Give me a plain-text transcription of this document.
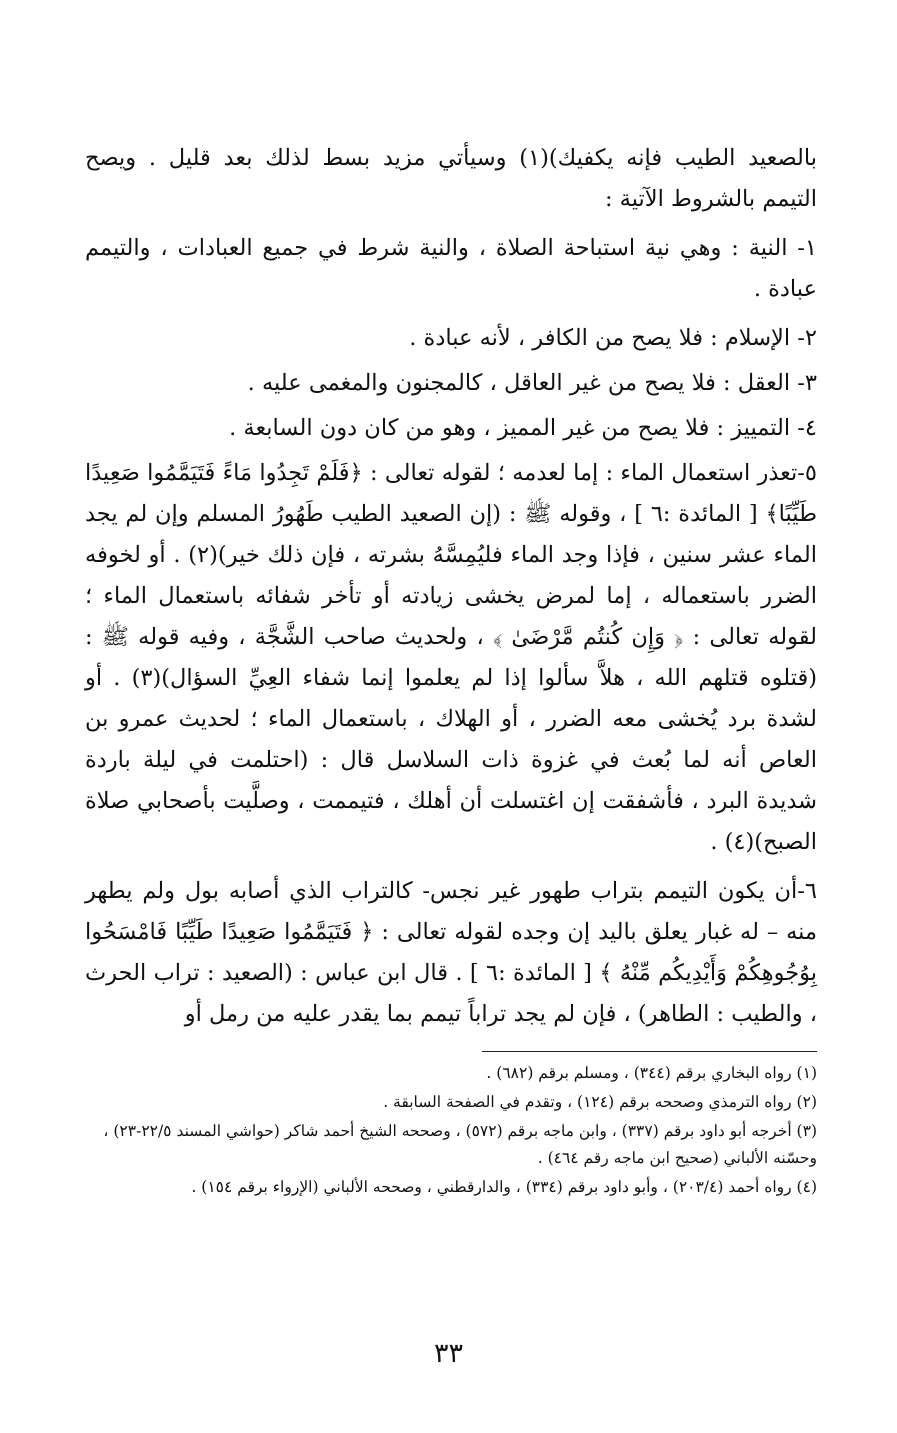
بالصعيد الطيب فإنه يكفيك)(١) وسيأتي مزيد بسط لذلك بعد قليل . ويصح التيمم بالشروط الآتية :

١- النية : وهي نية استباحة الصلاة ، والنية شرط في جميع العبادات ، والتيمم عبادة .

٢- الإسلام : فلا يصح من الكافر ، لأنه عبادة .

٣- العقل : فلا يصح من غير العاقل ، كالمجنون والمغمى عليه .

٤- التمييز : فلا يصح من غير المميز ، وهو من كان دون السابعة .

٥-تعذر استعمال الماء : إما لعدمه ؛ لقوله تعالى : ﴿فَلَمْ تَجِدُوا مَاءً فَتَيَمَّمُوا صَعِيدًا طَيِّبًا﴾ [ المائدة :٦ ] ، وقوله ﷺ : (إن الصعيد الطيب طَهُورُ المسلم وإن لم يجد الماء عشر سنين ، فإذا وجد الماء فليُمِسَّهُ بشرته ، فإن ذلك خير)(٢) . أو لخوفه الضرر باستعماله ، إما لمرض يخشى زيادته أو تأخر شفائه باستعمال الماء ؛ لقوله تعالى : ﴿ وَإِن كُنتُم مَّرْضَىٰ ﴾ ، ولحديث صاحب الشَّجَّة ، وفيه قوله ﷺ : (قتلوه قتلهم الله ، هلاَّ سألوا إذا لم يعلموا إنما شفاء العِيِّ السؤال)(٣) . أو لشدة برد يُخشى معه الضرر ، أو الهلاك ، باستعمال الماء ؛ لحديث عمرو بن العاص أنه لما بُعث في غزوة ذات السلاسل قال : (احتلمت في ليلة باردة شديدة البرد ، فأشفقت إن اغتسلت أن أهلك ، فتيممت ، وصلَّيت بأصحابي صلاة الصبح)(٤) .

٦-أن يكون التيمم بتراب طهور غير نجس- كالتراب الذي أصابه بول ولم يطهر منه – له غبار يعلق باليد إن وجده لقوله تعالى : ﴿ فَتَيَمَّمُوا صَعِيدًا طَيِّبًا فَامْسَحُوا بِوُجُوهِكُمْ وَأَيْدِيكُم مِّنْهُ ﴾ [ المائدة :٦ ] . قال ابن عباس : (الصعيد : تراب الحرث ، والطيب : الطاهر) ، فإن لم يجد تراباً تيمم بما يقدر عليه من رمل أو

(١) رواه البخاري برقم (٣٤٤) ، ومسلم برقم (٦٨٢) .

(٢) رواه الترمذي وصححه برقم (١٢٤) ، وتقدم في الصفحة السابقة .

(٣) أخرجه أبو داود برقم (٣٣٧) ، وابن ماجه برقم (٥٧٢) ، وصححه الشيخ أحمد شاكر (حواشي المسند ٢٢/٥-٢٣) ، وحسّنه الألباني (صحيح ابن ماجه رقم ٤٦٤) .

(٤) رواه أحمد (٢٠٣/٤) ، وأبو داود برقم (٣٣٤) ، والدارقطني ، وصححه الألباني (الإرواء برقم ١٥٤) .

٣٣
